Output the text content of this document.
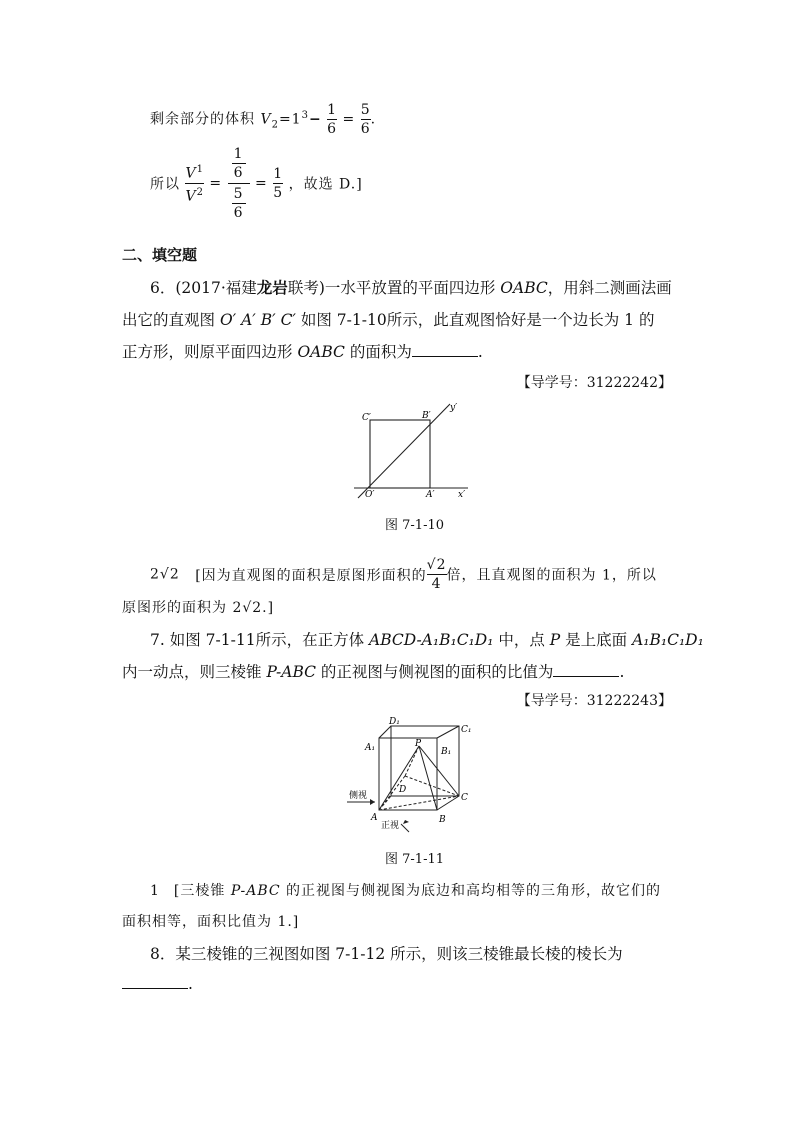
剩余部分的体积 $V_2=1^3- \frac{1}{6} = \frac{5}{6}$ .
所以 $\frac{V^1}{V^2}$ =
1
6
5
6
= $\frac{1}{5}$ ，故选 D.]
二、填空题
6．(2017·福建龙岩联考)一水平放置的平面四边形 OABC，用斜二测画法画
出它的直观图 O′ A′ B′ C′ 如图 7-1-10所示，此直观图恰好是一个边长为 1 的
正方形，则原平面四边形 OABC 的面积为	.
【导学号：31222242】
C′	B′
y′
O′	A′	x′
图 7-1-10
2√2 [因为直观图的面积是原图形面积的 $\frac{√2}{4}$ 倍，且直观图的面积为 1，所以
原图形的面积为 2√2.]
7. 如图 7-1-11所示，在正方体 ABCD-A₁B₁C₁D₁ 中，点 P 是上底面 A₁B₁C₁D₁
内一动点，则三棱锥 P-ABC 的正视图与侧视图的面积的比值为	.
【导学号：31222243】
D₁
C₁
A₁	B₁
P
D
C
A	B
侧视
正视
图 7-1-11
1 [三棱锥 P-ABC 的正视图与侧视图为底边和高均相等的三角形，故它们的
面积相等，面积比值为 1.]
8．某三棱锥的三视图如图 7-1-12 所示，则该三棱锥最长棱的棱长为
.
